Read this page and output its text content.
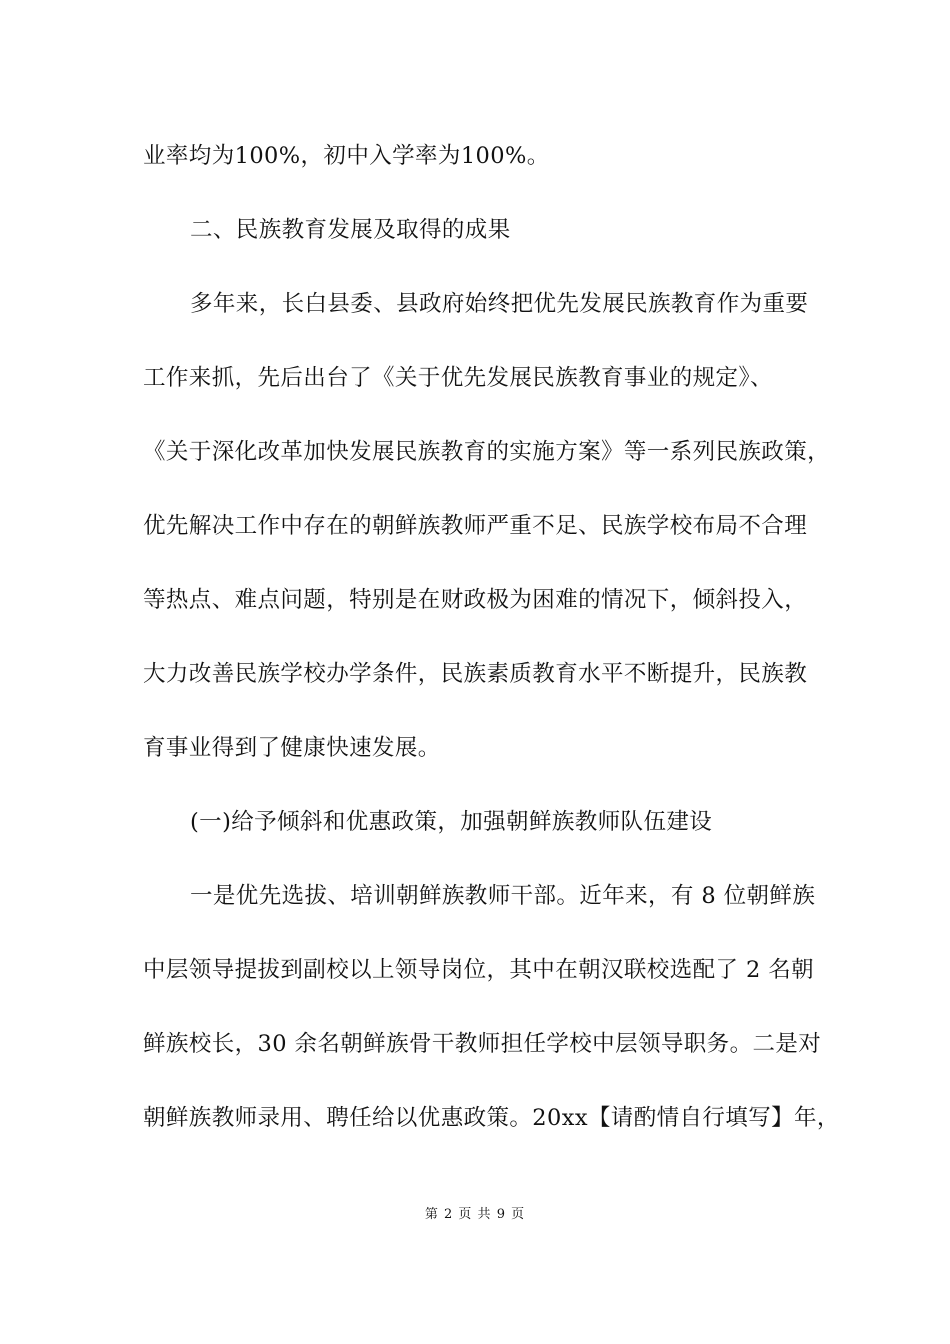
业率均为100%，初中入学率为100%。
二、民族教育发展及取得的成果
多年来，长白县委、县政府始终把优先发展民族教育作为重要
工作来抓，先后出台了《关于优先发展民族教育事业的规定》、
《关于深化改革加快发展民族教育的实施方案》等一系列民族政策，
优先解决工作中存在的朝鲜族教师严重不足、民族学校布局不合理
等热点、难点问题，特别是在财政极为困难的情况下，倾斜投入，
大力改善民族学校办学条件，民族素质教育水平不断提升，民族教
育事业得到了健康快速发展。
(一)给予倾斜和优惠政策，加强朝鲜族教师队伍建设
一是优先选拔、培训朝鲜族教师干部。近年来，有 8 位朝鲜族
中层领导提拔到副校以上领导岗位，其中在朝汉联校选配了 2 名朝
鲜族校长，30 余名朝鲜族骨干教师担任学校中层领导职务。二是对
朝鲜族教师录用、聘任给以优惠政策。20xx【请酌情自行填写】年，
第 2 页 共 9 页
